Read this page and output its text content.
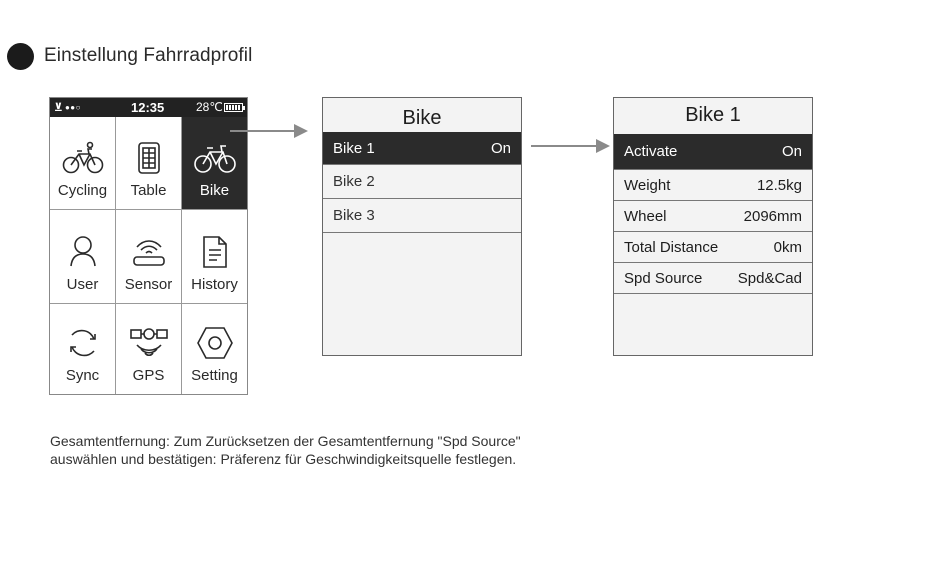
Einstellung Fahrradprofil
⊻ ●●○	12:35	28℃
Cycling Table Bike
User Sensor History
Sync GPS Setting
Bike
Bike 1	On
Bike 2
Bike 3
Bike 1
Activate	On
Weight	12.5kg
Wheel	2096mm
Total Distance	0km
Spd Source Spd&Cad
Gesamtentfernung: Zum Zurücksetzen der Gesamtentfernung "Spd Source"
auswählen und bestätigen: Präferenz für Geschwindigkeitsquelle festlegen.
